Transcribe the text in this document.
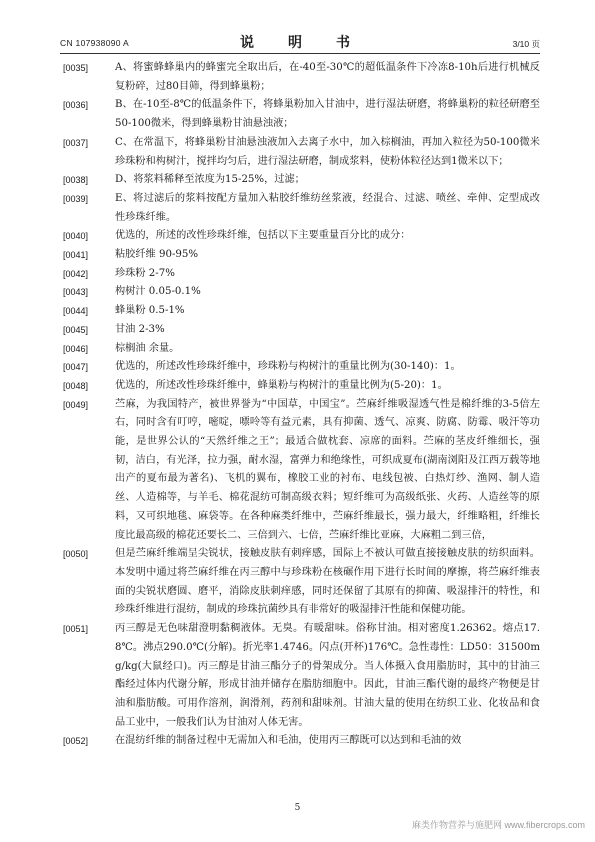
CN 107938090 A	说　明　书	3/10 页
[0035]	A、将蜜蜂蜂巢内的蜂蜜完全取出后，在-40至-30℃的超低温条件下冷冻8-10h后进行机械反复粉碎，过80目筛，得到蜂巢粉；
[0036]	B、在-10至-8℃的低温条件下，将蜂巢粉加入甘油中，进行湿法研磨，将蜂巢粉的粒径研磨至50-100微米，得到蜂巢粉甘油悬浊液；
[0037]	C、在常温下，将蜂巢粉甘油悬浊液加入去离子水中，加入棕榈油，再加入粒径为50-100微米珍珠粉和构树汁，搅拌均匀后，进行湿法研磨，制成浆料，使粉体粒径达到1微米以下；
[0038]	D、将浆料稀释至浓度为15-25%，过滤；
[0039]	E、将过滤后的浆料按配方量加入粘胶纤维纺丝浆液，经混合、过滤、喷丝、牵伸、定型成改性珍珠纤维。
[0040]	优选的，所述的改性珍珠纤维，包括以下主要重量百分比的成分：
[0041]	粘胶纤维 90-95%
[0042]	珍珠粉 2-7%
[0043]	构树汁 0.05-0.1%
[0044]	蜂巢粉 0.5-1%
[0045]	甘油 2-3%
[0046]	棕榈油 余量。
[0047]	优选的，所述改性珍珠纤维中，珍珠粉与构树汁的重量比例为(30-140)：1。
[0048]	优选的，所述改性珍珠纤维中，蜂巢粉与构树汁的重量比例为(5-20)：1。
[0049]	苎麻，为我国特产，被世界誉为“中国草，中国宝”。苎麻纤维吸湿透气性是棉纤维的3-5倍左右，同时含有叮哼，嘧啶，嘌呤等有益元素，具有抑菌、透气、凉爽、防腐、防霉、吸汗等功能，是世界公认的“天然纤维之王”；最适合做枕套、凉席的面料。苎麻的茎皮纤维细长，强韧，洁白，有光泽，拉力强，耐水湿，富弹力和绝缘性，可织成夏布(湖南浏阳及江西万载等地出产的夏布最为著名)、飞机的翼布，橡胶工业的衬布、电线包被、白热灯纱、渔网、制人造丝、人造棉等，与羊毛、棉花混纺可制高级衣料；短纤维可为高级纸张、火药、人造丝等的原料，又可织地毯、麻袋等。在各种麻类纤维中，苎麻纤维最长，强力最大，纤维略粗，纤维长度比最高级的棉花还要长二、三倍到六、七倍，苎麻纤维比亚麻，大麻粗二到三倍，
[0050]	但是苎麻纤维端呈尖锐状，接触皮肤有刺痒感，国际上不被认可做直接接触皮肤的纺织面料。本发明中通过将苎麻纤维在丙三醇中与珍珠粉在核碾作用下进行长时间的摩擦，将苎麻纤维表面的尖锐状磨圆、磨平，消除皮肤刺痒感，同时还保留了其原有的抑菌、吸湿排汗的特性，和珍珠纤维进行混纺，制成的珍珠抗菌纱具有非常好的吸湿排汗性能和保健功能。
[0051]	丙三醇是无色味甜澄明黏稠液体。无臭。有暖甜味。俗称甘油。相对密度1.26362。熔点17.8℃。沸点290.0℃(分解)。折光率1.4746。闪点(开杯)176℃。急性毒性：LD50：31500mg/kg(大鼠经口)。丙三醇是甘油三酯分子的骨架成分。当人体摄入食用脂肪时，其中的甘油三酯经过体内代谢分解，形成甘油并储存在脂肪细胞中。因此，甘油三酯代谢的最终产物便是甘油和脂肪酸。可用作溶剂，润滑剂，药剂和甜味剂。甘油大量的使用在纺织工业、化妆品和食品工业中，一般我们认为甘油对人体无害。
[0052]	在混纺纤维的制备过程中无需加入和毛油，使用丙三醇既可以达到和毛油的效
5
麻类作物营养与施肥网 www.fibercrops.com
